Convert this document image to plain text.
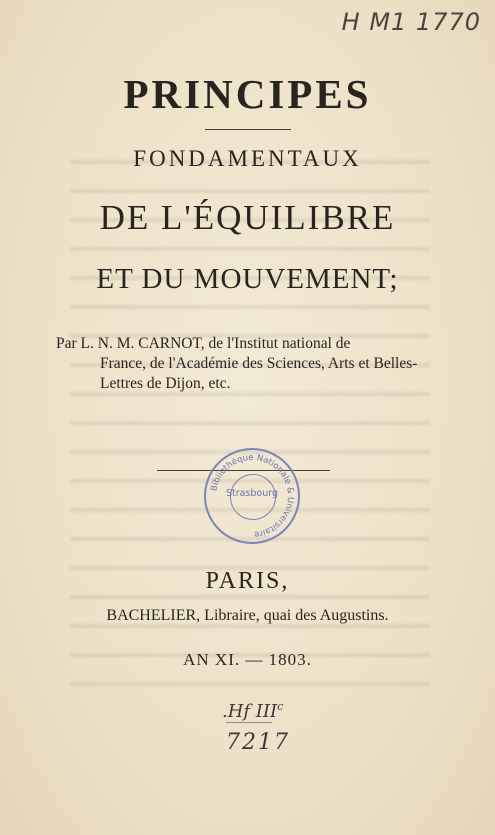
H M1 1770
PRINCIPES
FONDAMENTAUX
DE L'ÉQUILIBRE
ET DU MOUVEMENT;
Par L. N. M. CARNOT, de l'Institut national de
France, de l'Académie des Sciences, Arts et Belles-
Lettres de Dijon, etc.
Bibliothèque Nationale & Universitaire
Strasbourg
PARIS,
BACHELIER, Libraire, quai des Augustins.
AN XI. — 1803.
.Hf III$^c$
7217
